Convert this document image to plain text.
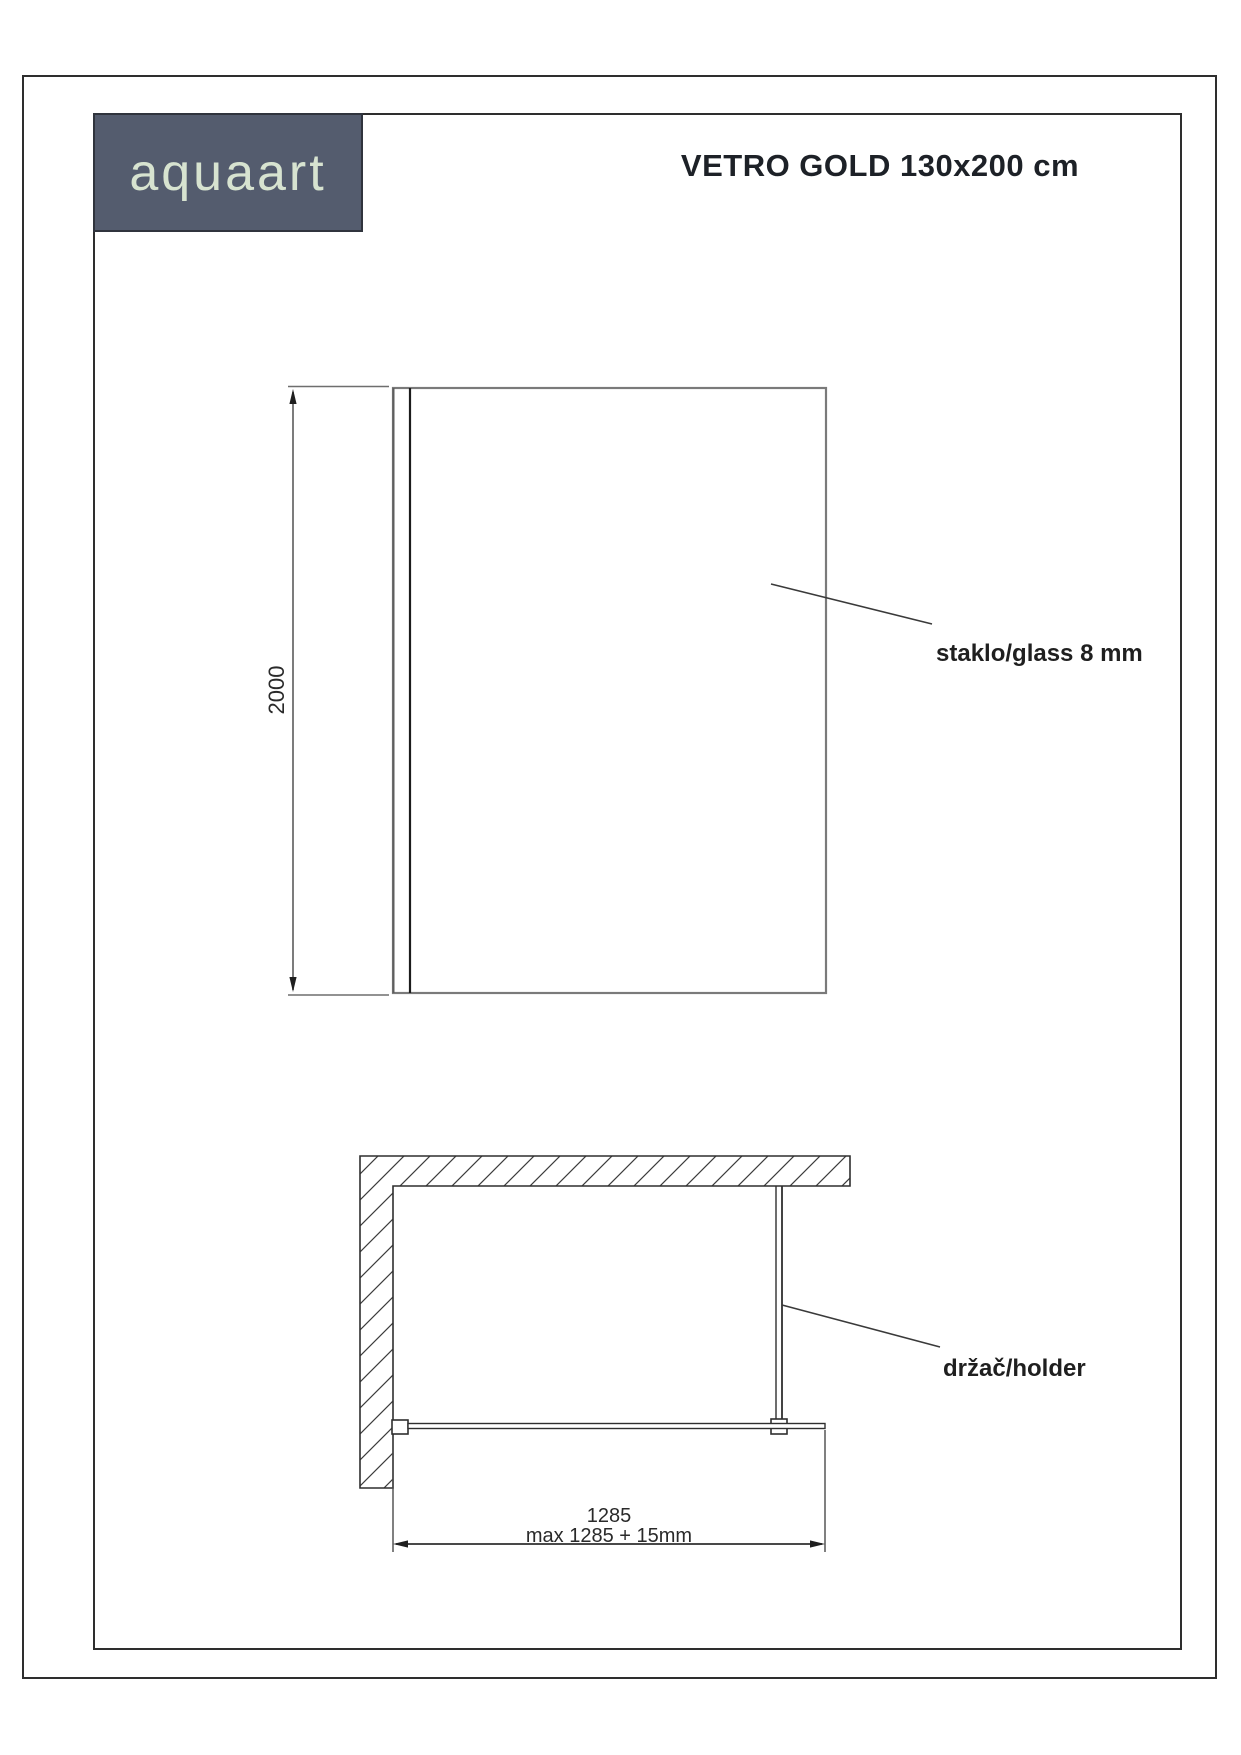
aquaart	VETRO GOLD 130x200 cm
2000
staklo/glass 8 mm
1285
max 1285 + 15mm
držač/holder
